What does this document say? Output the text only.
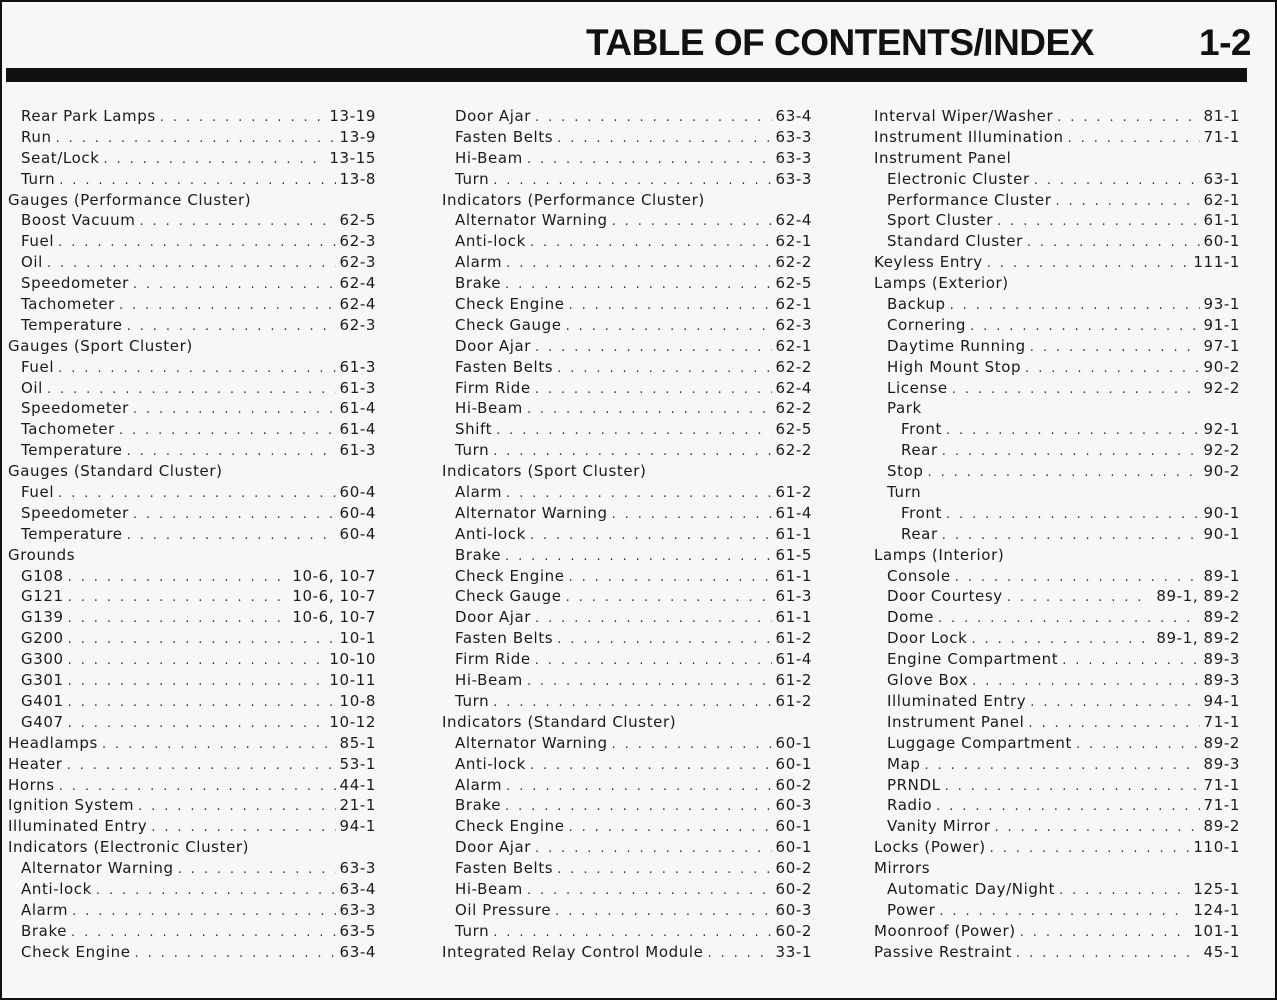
TABLE OF CONTENTS/INDEX	1-2
Rear Park Lamps . . .	13-19
Run . . .	13-9
Seat/Lock . . .	13-15
Turn . . .	13-8
Gauges (Performance Cluster)
Boost Vacuum . . .	62-5
Fuel . . .	62-3
Oil . . .	62-3
Speedometer . . .	62-4
Tachometer . . .	62-4
Temperature . . .	62-3
Gauges (Sport Cluster)
Fuel . . .	61-3
Oil . . .	61-3
Speedometer . . .	61-4
Tachometer . . .	61-4
Temperature . . .	61-3
Gauges (Standard Cluster)
Fuel . . .	60-4
Speedometer . . .	60-4
Temperature . . .	60-4
Grounds
G108 . . .	10-6, 10-7
G121 . . .	10-6, 10-7
G139 . . .	10-6, 10-7
G200 . . .	10-1
G300 . . .	10-10
G301 . . .	10-11
G401 . . .	10-8
G407 . . .	10-12
Headlamps . . .	85-1
Heater . . .	53-1
Horns . . .	44-1
Ignition System . . .	21-1
Illuminated Entry . . .	94-1
Indicators (Electronic Cluster)
Alternator Warning . . .	63-3
Anti-lock . . .	63-4
Alarm . . .	63-3
Brake . . .	63-5
Check Engine . . .	63-4
Door Ajar . . .	63-4
Fasten Belts . . .	63-3
Hi-Beam . . .	63-3
Turn . . .	63-3
Indicators (Performance Cluster)
Alternator Warning . . .	62-4
Anti-lock . . .	62-1
Alarm . . .	62-2
Brake . . .	62-5
Check Engine . . .	62-1
Check Gauge . . .	62-3
Door Ajar . . .	62-1
Fasten Belts . . .	62-2
Firm Ride . . .	62-4
Hi-Beam . . .	62-2
Shift . . .	62-5
Turn . . .	62-2
Indicators (Sport Cluster)
Alarm . . .	61-2
Alternator Warning . . .	61-4
Anti-lock . . .	61-1
Brake . . .	61-5
Check Engine . . .	61-1
Check Gauge . . .	61-3
Door Ajar . . .	61-1
Fasten Belts . . .	61-2
Firm Ride . . .	61-4
Hi-Beam . . .	61-2
Turn . . .	61-2
Indicators (Standard Cluster)
Alternator Warning . . .	60-1
Anti-lock . . .	60-1
Alarm . . .	60-2
Brake . . .	60-3
Check Engine . . .	60-1
Door Ajar . . .	60-1
Fasten Belts . . .	60-2
Hi-Beam . . .	60-2
Oil Pressure . . .	60-3
Turn . . .	60-2
Integrated Relay Control Module . . .	33-1
Interval Wiper/Washer . . .	81-1
Instrument Illumination . . .	71-1
Instrument Panel
Electronic Cluster . . .	63-1
Performance Cluster . . .	62-1
Sport Cluster . . .	61-1
Standard Cluster . . .	60-1
Keyless Entry . . .	111-1
Lamps (Exterior)
Backup . . .	93-1
Cornering . . .	91-1
Daytime Running . . .	97-1
High Mount Stop . . .	90-2
License . . .	92-2
Park
Front . . .	92-1
Rear . . .	92-2
Stop . . .	90-2
Turn
Front . . .	90-1
Rear . . .	90-1
Lamps (Interior)
Console . . .	89-1
Door Courtesy . . .	89-1, 89-2
Dome . . .	89-2
Door Lock . . .	89-1, 89-2
Engine Compartment . . .	89-3
Glove Box . . .	89-3
Illuminated Entry . . .	94-1
Instrument Panel . . .	71-1
Luggage Compartment . . .	89-2
Map . . .	89-3
PRNDL . . .	71-1
Radio . . .	71-1
Vanity Mirror . . .	89-2
Locks (Power) . . .	110-1
Mirrors
Automatic Day/Night . . .	125-1
Power . . .	124-1
Moonroof (Power) . . .	101-1
Passive Restraint . . .	45-1
